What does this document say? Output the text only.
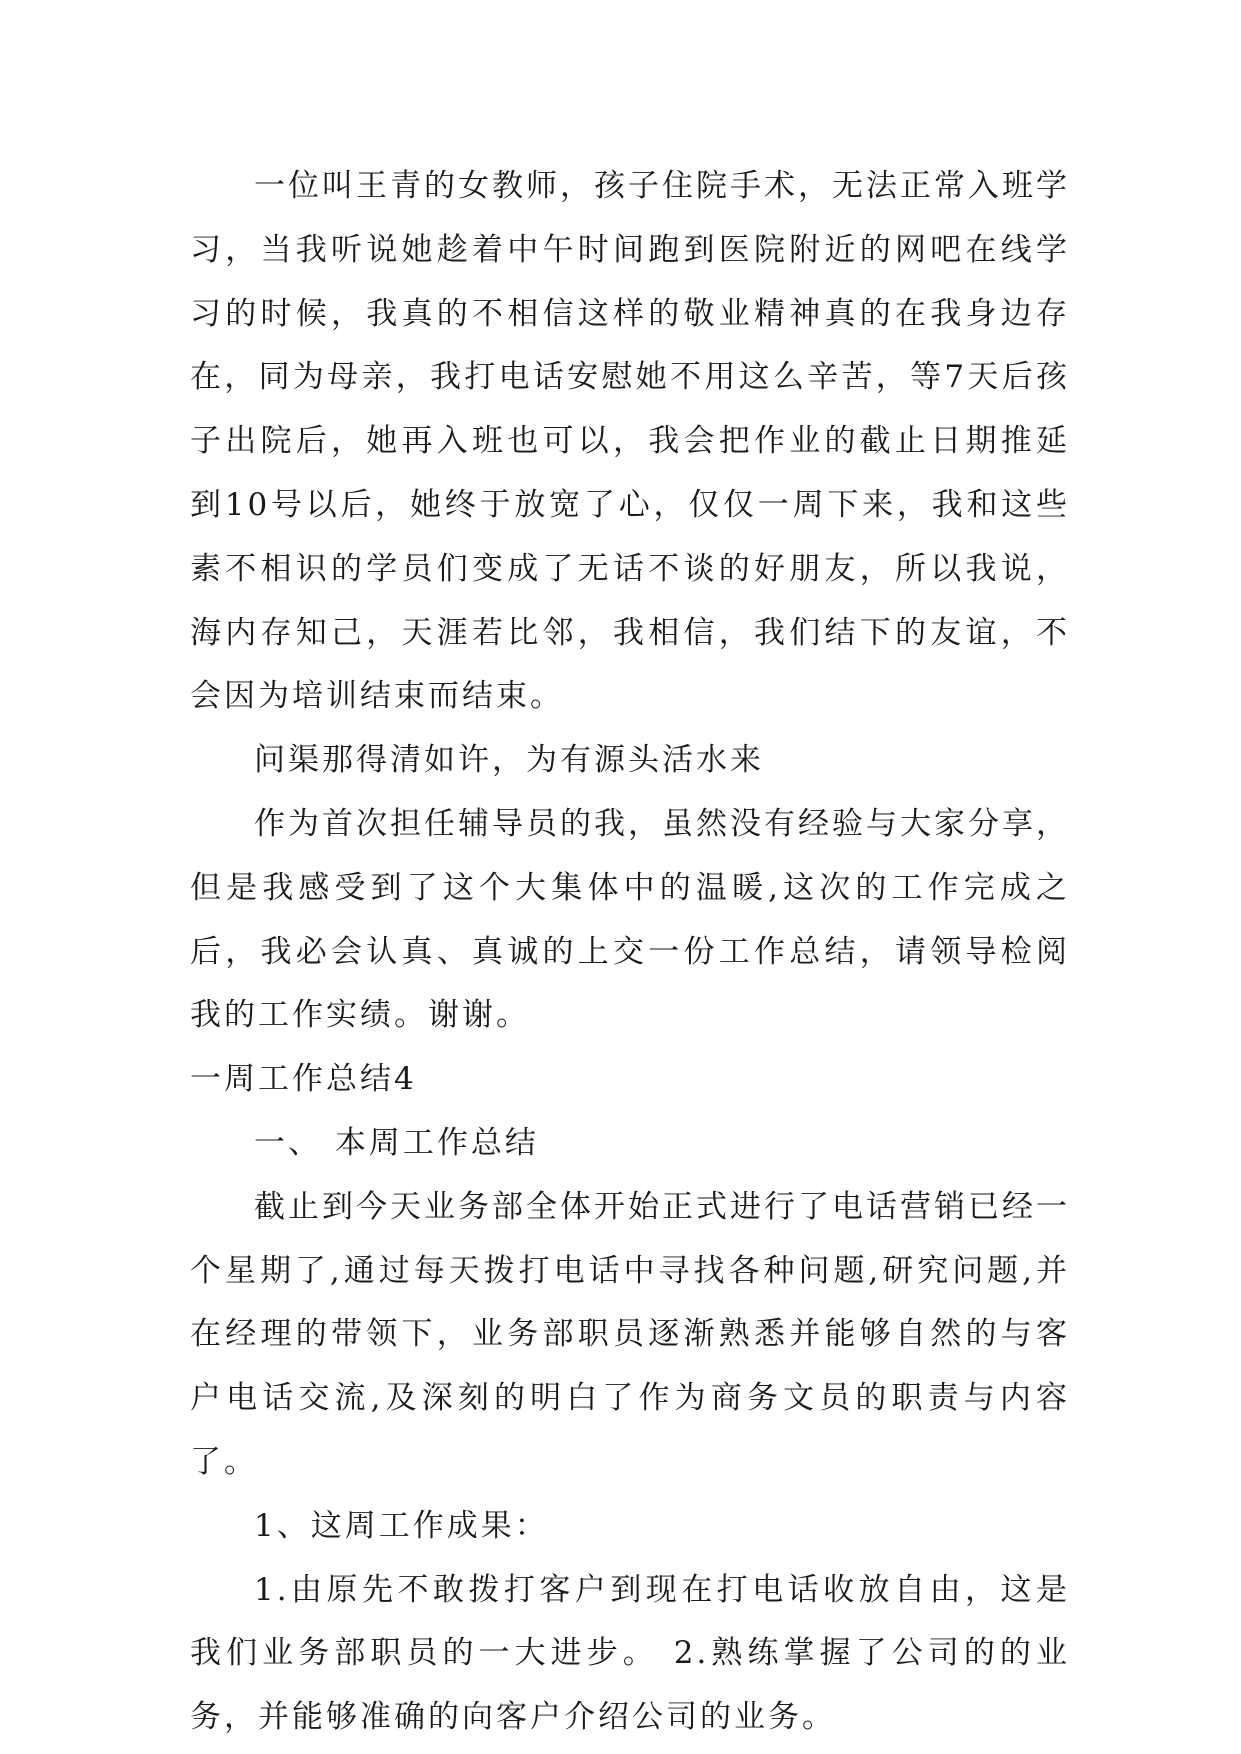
一位叫王青的女教师，孩子住院手术，无法正常入班学习，当我听说她趁着中午时间跑到医院附近的网吧在线学习的时候，我真的不相信这样的敬业精神真的在我身边存在，同为母亲，我打电话安慰她不用这么辛苦，等7天后孩子出院后，她再入班也可以，我会把作业的截止日期推延到10号以后，她终于放宽了心，仅仅一周下来，我和这些素不相识的学员们变成了无话不谈的好朋友，所以我说，海内存知己，天涯若比邻，我相信，我们结下的友谊，不会因为培训结束而结束。

问渠那得清如许，为有源头活水来

作为首次担任辅导员的我，虽然没有经验与大家分享，但是我感受到了这个大集体中的温暖,这次的工作完成之后，我必会认真、真诚的上交一份工作总结，请领导检阅我的工作实绩。谢谢。

一周工作总结4

一、 本周工作总结

截止到今天业务部全体开始正式进行了电话营销已经一个星期了,通过每天拨打电话中寻找各种问题,研究问题,并在经理的带领下，业务部职员逐渐熟悉并能够自然的与客户电话交流,及深刻的明白了作为商务文员的职责与内容了。

1、这周工作成果：

1.由原先不敢拨打客户到现在打电话收放自由，这是我们业务部职员的一大进步。 2.熟练掌握了公司的的业务，并能够准确的向客户介绍公司的业务。
